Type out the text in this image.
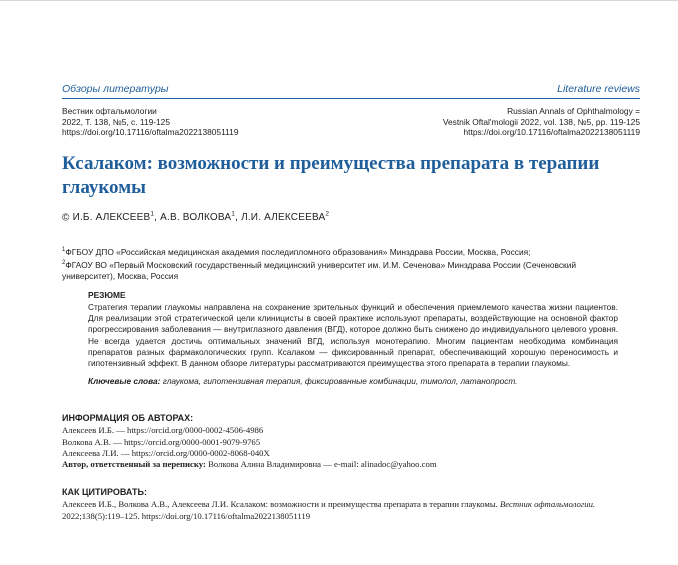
Обзоры литературы	Literature reviews
Вестник офтальмологии
2022, Т. 138, №5, с. 119-125
https://doi.org/10.17116/oftalma2022138051119
Russian Annals of Ophthalmology =
Vestnik Oftal'mologii 2022, vol. 138, №5, pp. 119-125
https://doi.org/10.17116/oftalma2022138051119
Ксалаком: возможности и преимущества препарата в терапии глаукомы
© И.Б. АЛЕКСЕЕВ$^1$, А.В. ВОЛКОВА$^1$, Л.И. АЛЕКСЕЕВА$^2$
$^1$ФГБОУ ДПО «Российская медицинская академия последипломного образования» Минздрава России, Москва, Россия;
$^2$ФГАОУ ВО «Первый Московский государственный медицинский университет им. И.М. Сеченова» Минздрава России (Сеченовский университет), Москва, Россия
РЕЗЮМЕ

Стратегия терапии глаукомы направлена на сохранение зрительных функций и обеспечения приемлемого качества жизни пациентов. Для реализации этой стратегической цели клиницисты в своей практике используют препараты, воздействующие на основной фактор прогрессирования заболевания — внутриглазного давления (ВГД), которое должно быть снижено до индивидуального целевого уровня. Не всегда удается достичь оптимальных значений ВГД, используя монотерапию. Многим пациентам необходима комбинация препаратов разных фармакологических групп. Ксалаком — фиксированный препарат, обеспечивающий хорошую переносимость и гипотензивный эффект. В данном обзоре литературы рассматриваются преимущества этого препарата в терапии глаукомы.

Ключевые слова: глаукома, гипотензивная терапия, фиксированные комбинации, тимолол, латанопрост.
ИНФОРМАЦИЯ ОБ АВТОРАХ:
Алексеев И.Б. — https://orcid.org/0000-0002-4506-4986
Волкова А.В. — https://orcid.org/0000-0001-9079-9765
Алексеева Л.И. — https://orcid.org/0000-0002-8068-040X
Автор, ответственный за переписку: Волкова Алина Владимировна — e-mail: alinadoc@yahoo.com
КАК ЦИТИРОВАТЬ:
Алексеев И.Б., Волкова А.В., Алексеева Л.И. Ксалаком: возможности и преимущества препарата в терапии глаукомы. Вестник офтальмологии. 2022;138(5):119–125. https://doi.org/10.17116/oftalma2022138051119
